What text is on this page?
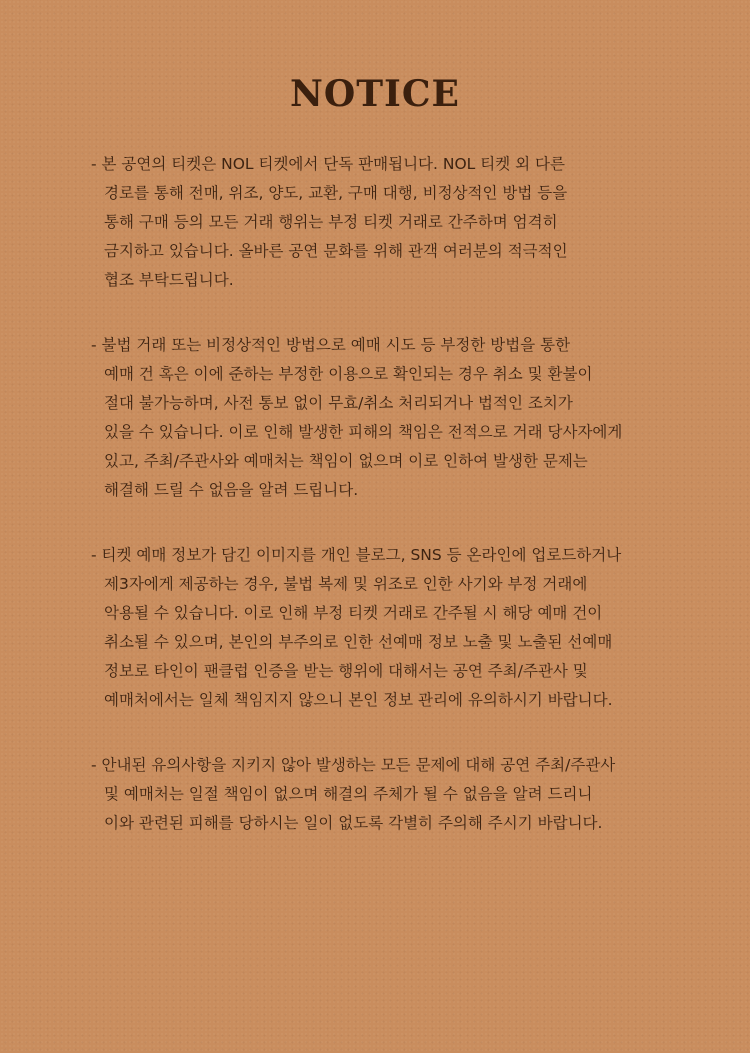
NOTICE
- 본 공연의 티켓은 NOL 티켓에서 단독 판매됩니다. NOL 티켓 외 다른
경로를 통해 전매, 위조, 양도, 교환, 구매 대행, 비정상적인 방법 등을
통해 구매 등의 모든 거래 행위는 부정 티켓 거래로 간주하며 엄격히
금지하고 있습니다. 올바른 공연 문화를 위해 관객 여러분의 적극적인
협조 부탁드립니다.
- 불법 거래 또는 비정상적인 방법으로 예매 시도 등 부정한 방법을 통한
예매 건 혹은 이에 준하는 부정한 이용으로 확인되는 경우 취소 및 환불이
절대 불가능하며, 사전 통보 없이 무효/취소 처리되거나 법적인 조치가
있을 수 있습니다. 이로 인해 발생한 피해의 책임은 전적으로 거래 당사자에게
있고, 주최/주관사와 예매처는 책임이 없으며 이로 인하여 발생한 문제는
해결해 드릴 수 없음을 알려 드립니다.
- 티켓 예매 정보가 담긴 이미지를 개인 블로그, SNS 등 온라인에 업로드하거나
제3자에게 제공하는 경우, 불법 복제 및 위조로 인한 사기와 부정 거래에
악용될 수 있습니다. 이로 인해 부정 티켓 거래로 간주될 시 해당 예매 건이
취소될 수 있으며, 본인의 부주의로 인한 선예매 정보 노출 및 노출된 선예매
정보로 타인이 팬클럽 인증을 받는 행위에 대해서는 공연 주최/주관사 및
예매처에서는 일체 책임지지 않으니 본인 정보 관리에 유의하시기 바랍니다.
- 안내된 유의사항을 지키지 않아 발생하는 모든 문제에 대해 공연 주최/주관사
및 예매처는 일절 책임이 없으며 해결의 주체가 될 수 없음을 알려 드리니
이와 관련된 피해를 당하시는 일이 없도록 각별히 주의해 주시기 바랍니다.
